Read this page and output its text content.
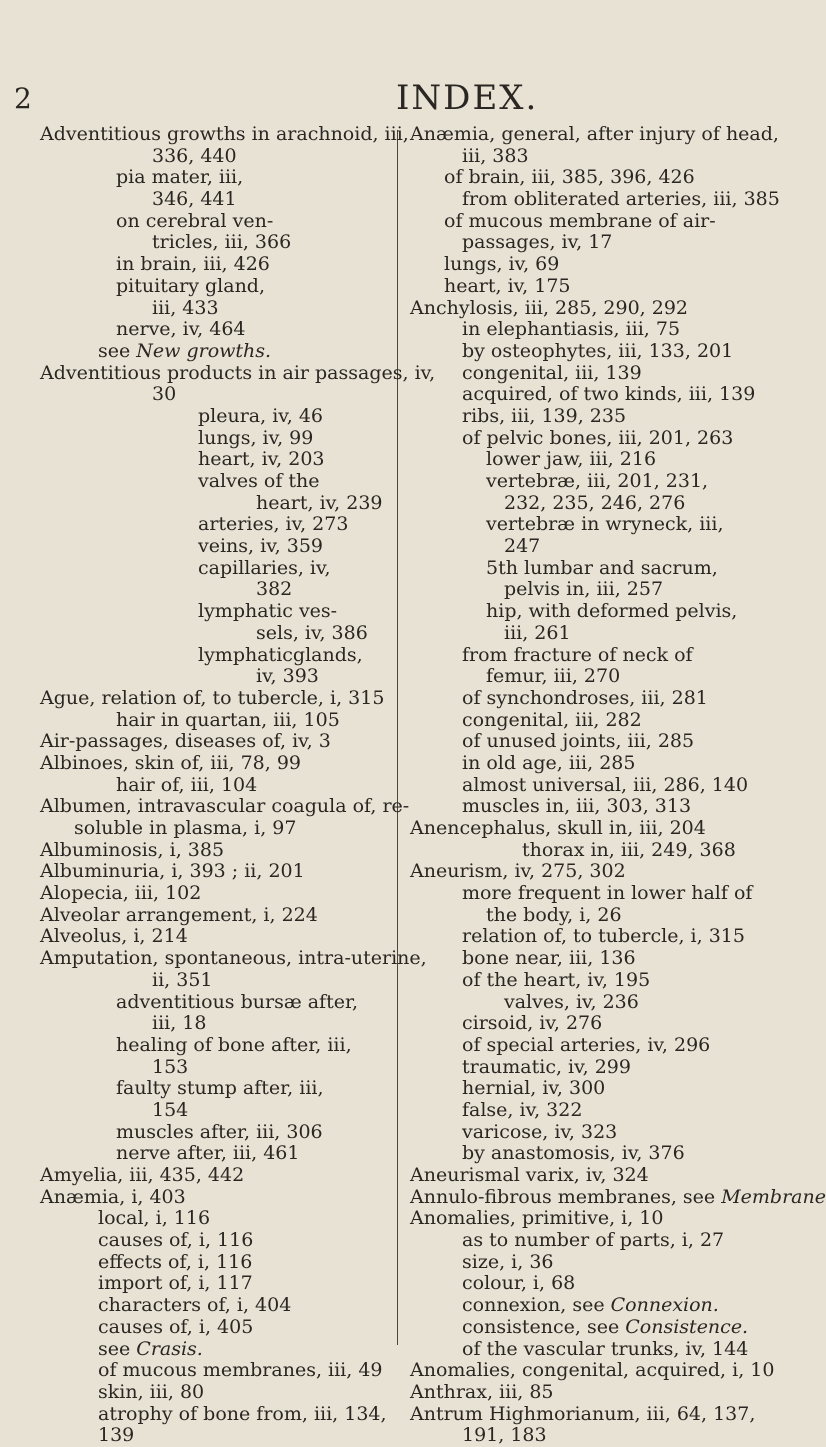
2	INDEX.
Adventitious growths in arachnoid, iii,
336, 440
pia mater, iii,
346, 441
on cerebral ven-
tricles, iii, 366
in brain, iii, 426
pituitary gland,
iii, 433
nerve, iv, 464
see New growths.
Adventitious products in air passages, iv,
30
pleura, iv, 46
lungs, iv, 99
heart, iv, 203
valves of the
heart, iv, 239
arteries, iv, 273
veins, iv, 359
capillaries, iv,
382
lymphatic ves-
sels, iv, 386
lymphaticglands,
iv, 393
Ague, relation of, to tubercle, i, 315
hair in quartan, iii, 105
Air-passages, diseases of, iv, 3
Albinoes, skin of, iii, 78, 99
hair of, iii, 104
Albumen, intravascular coagula of, re-
soluble in plasma, i, 97
Albuminosis, i, 385
Albuminuria, i, 393 ; ii, 201
Alopecia, iii, 102
Alveolar arrangement, i, 224
Alveolus, i, 214
Amputation, spontaneous, intra-uterine,
ii, 351
adventitious bursæ after,
iii, 18
healing of bone after, iii,
153
faulty stump after, iii,
154
muscles after, iii, 306
nerve after, iii, 461
Amyelia, iii, 435, 442
Anæmia, i, 403
local, i, 116
causes of, i, 116
effects of, i, 116
import of, i, 117
characters of, i, 404
causes of, i, 405
see Crasis.
of mucous membranes, iii, 49
skin, iii, 80
atrophy of bone from, iii, 134,
139
Anæmia, general, after injury of head,
iii, 383
of brain, iii, 385, 396, 426
from obliterated arteries, iii, 385
of mucous membrane of air-
passages, iv, 17
lungs, iv, 69
heart, iv, 175
Anchylosis, iii, 285, 290, 292
in elephantiasis, iii, 75
by osteophytes, iii, 133, 201
congenital, iii, 139
acquired, of two kinds, iii, 139
ribs, iii, 139, 235
of pelvic bones, iii, 201, 263
lower jaw, iii, 216
vertebræ, iii, 201, 231,
232, 235, 246, 276
vertebræ in wryneck, iii,
247
5th lumbar and sacrum,
pelvis in, iii, 257
hip, with deformed pelvis,
iii, 261
from fracture of neck of
femur, iii, 270
of synchondroses, iii, 281
congenital, iii, 282
of unused joints, iii, 285
in old age, iii, 285
almost universal, iii, 286, 140
muscles in, iii, 303, 313
Anencephalus, skull in, iii, 204
thorax in, iii, 249, 368
Aneurism, iv, 275, 302
more frequent in lower half of
the body, i, 26
relation of, to tubercle, i, 315
bone near, iii, 136
of the heart, iv, 195
valves, iv, 236
cirsoid, iv, 276
of special arteries, iv, 296
traumatic, iv, 299
hernial, iv, 300
false, iv, 322
varicose, iv, 323
by anastomosis, iv, 376
Aneurismal varix, iv, 324
Annulo-fibrous membranes, see Membrane
Anomalies, primitive, i, 10
as to number of parts, i, 27
size, i, 36
colour, i, 68
connexion, see Connexion.
consistence, see Consistence.
of the vascular trunks, iv, 144
Anomalies, congenital, acquired, i, 10
Anthrax, iii, 85
Antrum Highmorianum, iii, 64, 137,
191, 183
